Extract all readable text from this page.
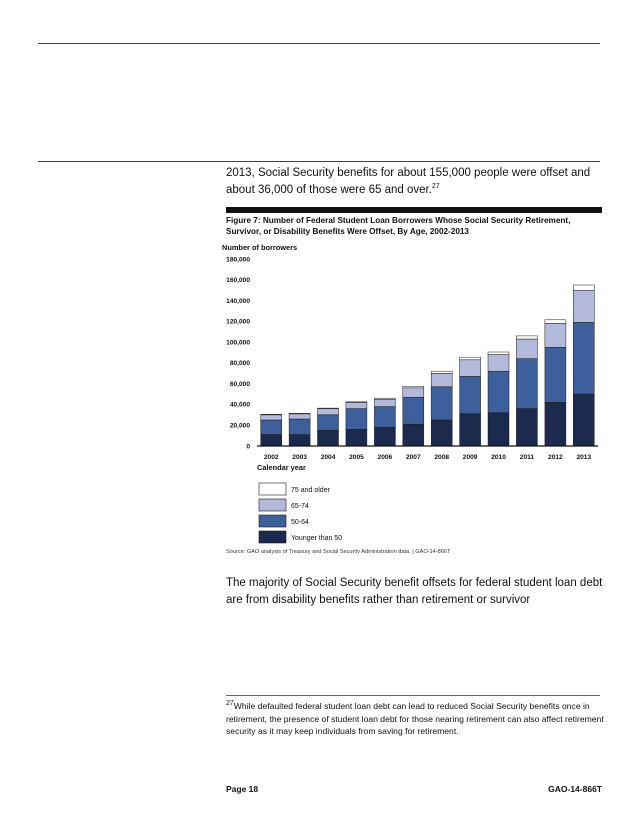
2013, Social Security benefits for about 155,000 people were offset and about 36,000 of those were 65 and over.$^{27}$
Figure 7: Number of Federal Student Loan Borrowers Whose Social Security Retirement, Survivor, or Disability Benefits Were Offset, By Age, 2002-2013
Number of borrowers
0
20,000
40,000
60,000
80,000
100,000
120,000
140,000
160,000
180,000
2002 2003 2004 2005 2006 2007 2008 2009 2010 2011 2012 2013
Calendar year
75 and older
65-74
50-64
Younger than 50
Source: GAO analysis of Treasury and Social Security Administration data. | GAO-14-866T
The majority of Social Security benefit offsets for federal student loan debt are from disability benefits rather than retirement or survivor
$^{27}$While defaulted federal student loan debt can lead to reduced Social Security benefits once in retirement, the presence of student loan debt for those nearing retirement can also affect retirement security as it may keep individuals from saving for retirement.
Page 18	GAO-14-866T
